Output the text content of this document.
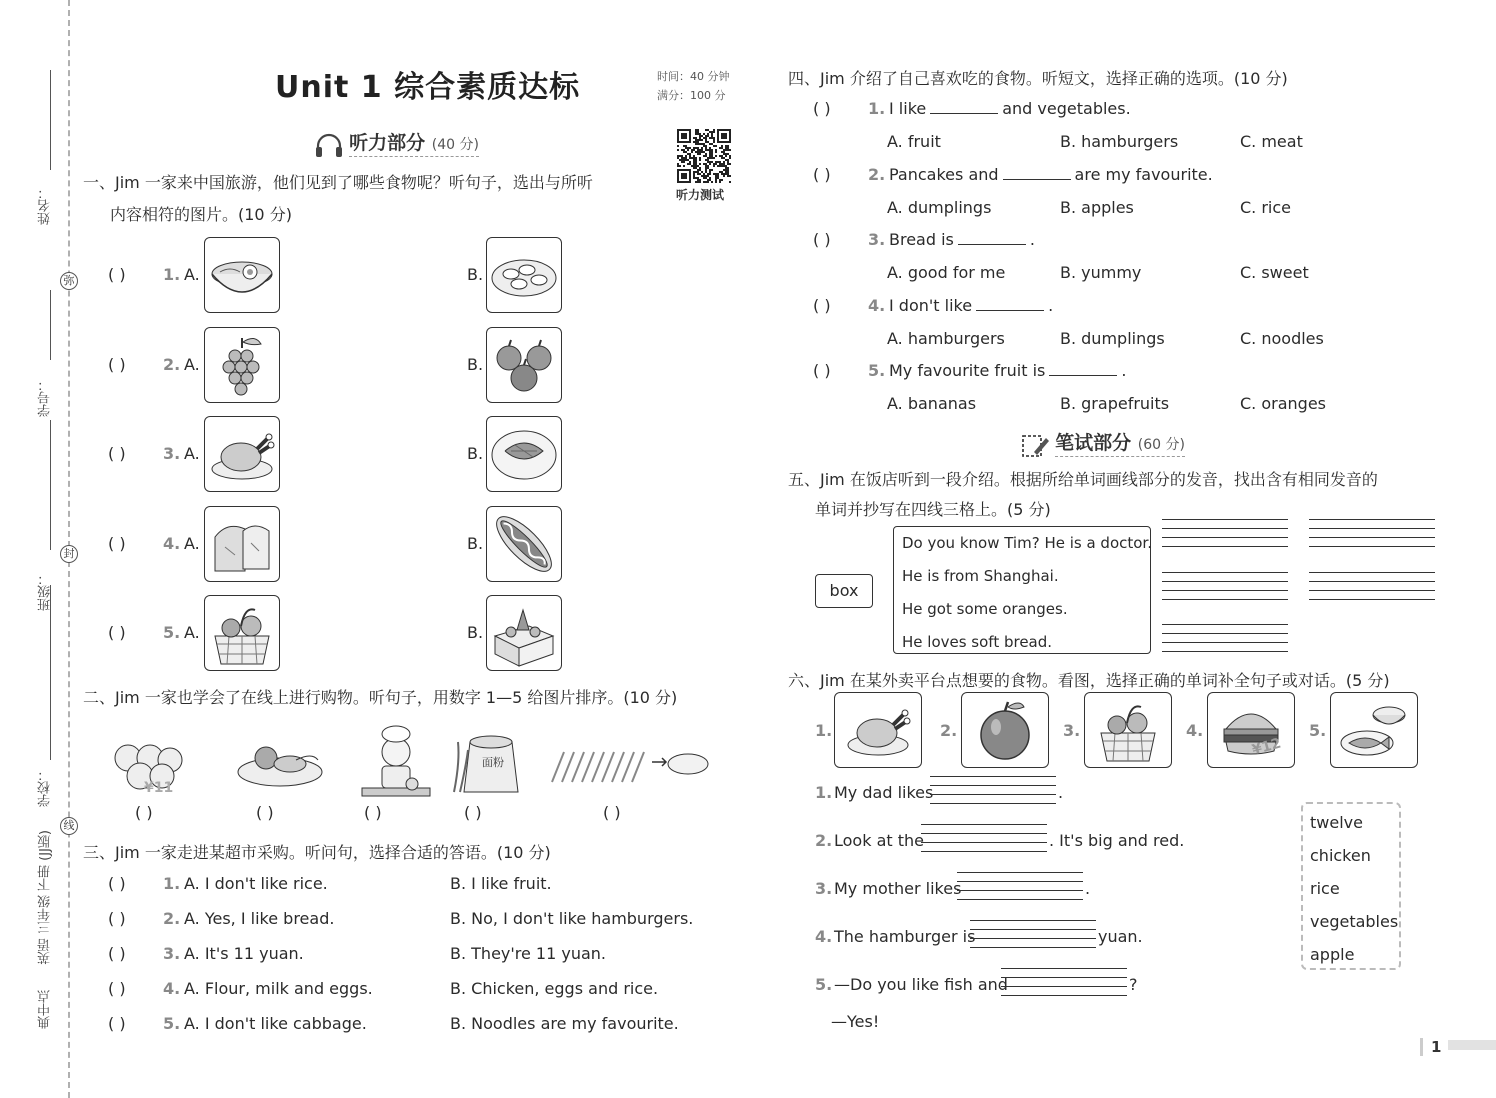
姓名：
学号：
班级：
学校：
英语 三年级 下册 (JJ版)
典中点
弥
封
线
Unit 1 综合素质达标	时间：40 分钟
满分：100 分
听力测试
听力部分 (40 分)
一、Jim 一家来中国旅游，他们见到了哪些食物呢？听句子，选出与所听
内容相符的图片。(10 分)
( ) 1. A.	B.
( ) 2. A.	B.
( ) 3. A.	B.
( ) 4. A.	B.
( ) 5. A.	B.
二、Jim 一家也学会了在线上进行购物。听句子，用数字 1—5 给图片排序。(10 分)
¥11
( )	( )	( )
面粉
( )	( )
三、Jim 一家走进某超市采购。听问句，选择合适的答语。(10 分)
( ) 1. A. I don't like rice.	B. I like fruit.
( ) 2. A. Yes, I like bread.	B. No, I don't like hamburgers.
( ) 3. A. It's 11 yuan.	B. They're 11 yuan.
( ) 4. A. Flour, milk and eggs.	B. Chicken, eggs and rice.
( ) 5. A. I don't like cabbage.	B. Noodles are my favourite.
四、Jim 介绍了自己喜欢吃的食物。听短文，选择正确的选项。(10 分)
( ) 1. I like	and vegetables.
A. fruit	B. hamburgers	C. meat
( ) 2. Pancakes and	are my favourite.
A. dumplings	B. apples	C. rice
( ) 3. Bread is	.
A. good for me	B. yummy	C. sweet
( ) 4. I don't like	.
A. hamburgers	B. dumplings	C. noodles
( ) 5. My favourite fruit is	.
A. bananas	B. grapefruits	C. oranges
笔试部分 (60 分)
五、Jim 在饭店听到一段介绍。根据所给单词画线部分的发音，找出含有相同发音的
单词并抄写在四线三格上。(5 分)
box
Do you know Tim? He is a doctor.
He is from Shanghai.
He got some oranges.
He loves soft bread.
六、Jim 在某外卖平台点想要的食物。看图，选择正确的单词补全句子或对话。(5 分)
1.	2.	3.	4.
¥12
5.
1. My dad likes	.
2. Look at the	. It's big and red.
3. My mother likes	.
4. The hamburger is	yuan.
5. —Do you like fish and	?
—Yes!
twelve
chicken
rice
vegetables
apple
1
